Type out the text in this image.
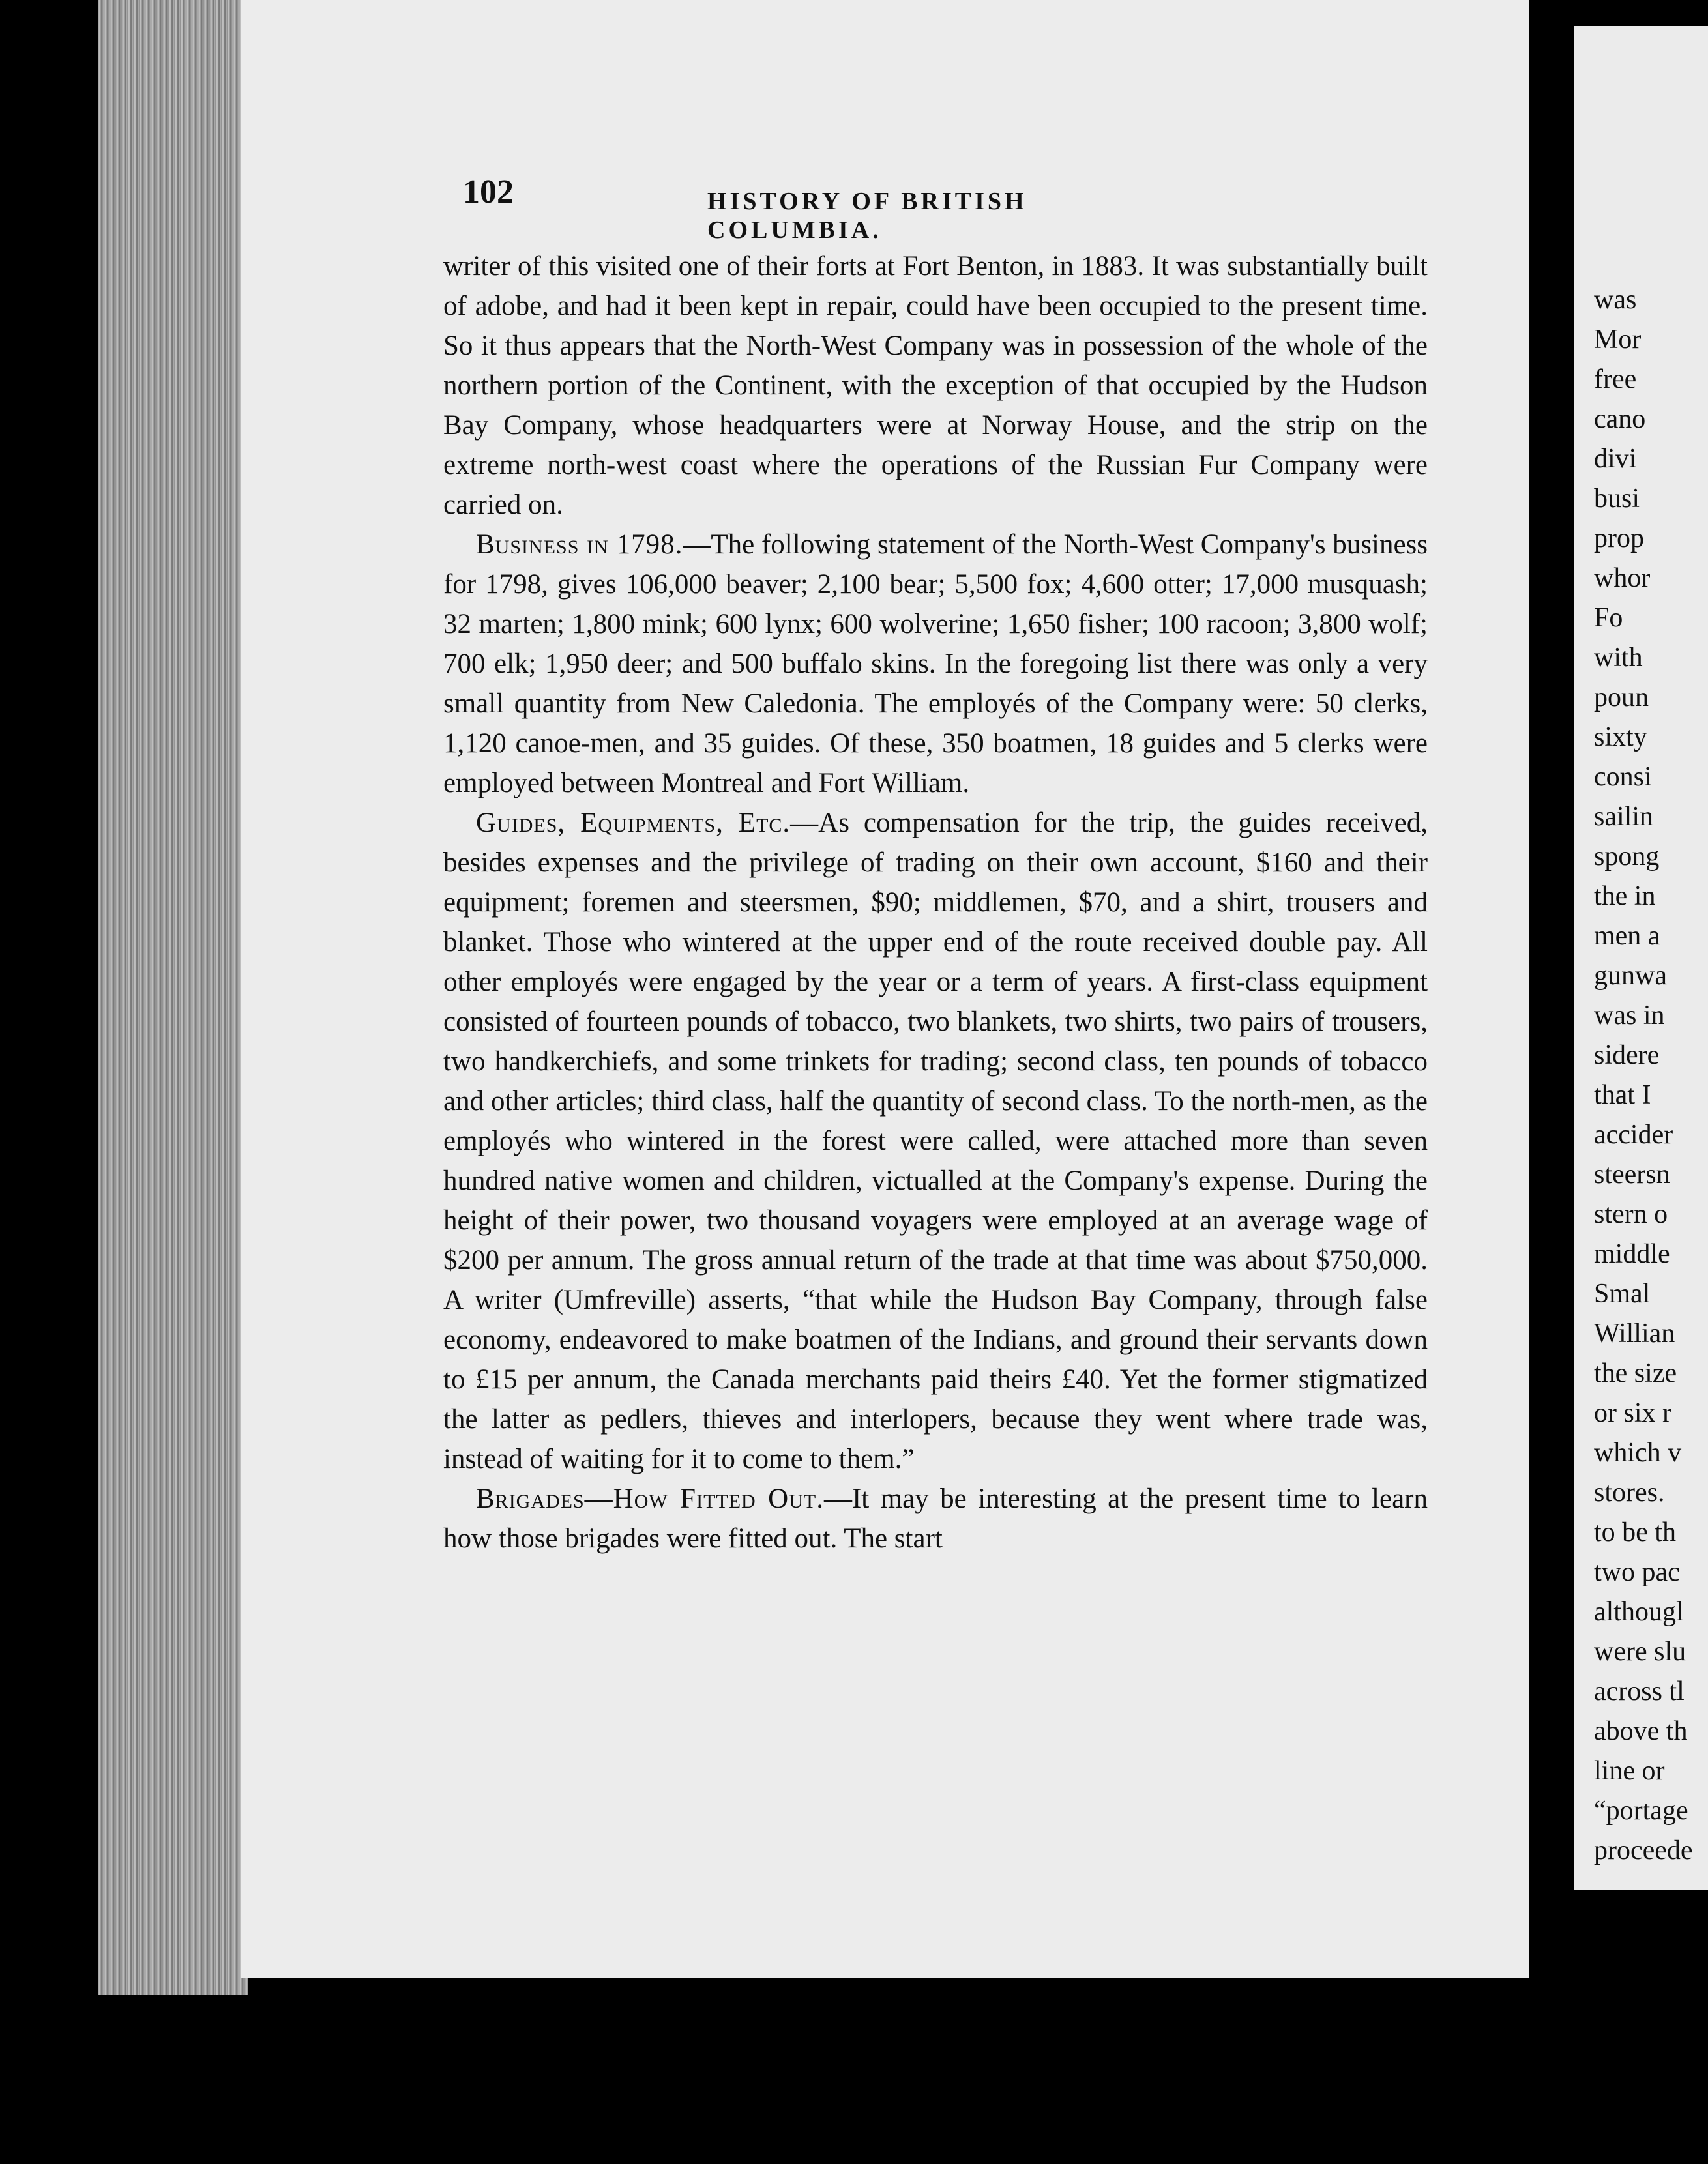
was
Mor
free
cano
divi
busi
prop
whor
Fo
with
poun
sixty
consi
sailin
spong
the in
men a
gunwa
was in
sidere
that I
accider
steersn
stern o
middle
Smal
Willian
the size
or six r
which v
stores.
to be th
two pac
althougl
were slu
across tl
above th
line or
“portage
proceede
102	HISTORY OF BRITISH COLUMBIA.

writer of this visited one of their forts at Fort Benton, in 1883. It was substantially built of adobe, and had it been kept in repair, could have been occupied to the present time. So it thus appears that the North-West Company was in possession of the whole of the northern portion of the Continent, with the exception of that occupied by the Hudson Bay Company, whose headquarters were at Norway House, and the strip on the extreme north-west coast where the operations of the Russian Fur Company were carried on.

Business in 1798.—The following statement of the North-West Company's business for 1798, gives 106,000 beaver; 2,100 bear; 5,500 fox; 4,600 otter; 17,000 musquash; 32 marten; 1,800 mink; 600 lynx; 600 wolverine; 1,650 fisher; 100 racoon; 3,800 wolf; 700 elk; 1,950 deer; and 500 buffalo skins. In the foregoing list there was only a very small quantity from New Caledonia. The employés of the Company were: 50 clerks, 1,120 canoe-men, and 35 guides. Of these, 350 boatmen, 18 guides and 5 clerks were employed between Montreal and Fort William.

Guides, Equipments, Etc.—As compensation for the trip, the guides received, besides expenses and the privilege of trading on their own account, $160 and their equipment; foremen and steersmen, $90; middlemen, $70, and a shirt, trousers and blanket. Those who wintered at the upper end of the route received double pay. All other employés were engaged by the year or a term of years. A first-class equipment consisted of fourteen pounds of tobacco, two blankets, two shirts, two pairs of trousers, two handkerchiefs, and some trinkets for trading; second class, ten pounds of tobacco and other articles; third class, half the quantity of second class. To the north-men, as the employés who wintered in the forest were called, were attached more than seven hundred native women and children, victualled at the Company's expense. During the height of their power, two thousand voyagers were employed at an average wage of $200 per annum. The gross annual return of the trade at that time was about $750,000. A writer (Umfreville) asserts, “that while the Hudson Bay Company, through false economy, endeavored to make boatmen of the Indians, and ground their servants down to £15 per annum, the Canada merchants paid theirs £40. Yet the former stigmatized the latter as pedlers, thieves and interlopers, because they went where trade was, instead of waiting for it to come to them.”

Brigades—How Fitted Out.—It may be interesting at the present time to learn how those brigades were fitted out. The start
